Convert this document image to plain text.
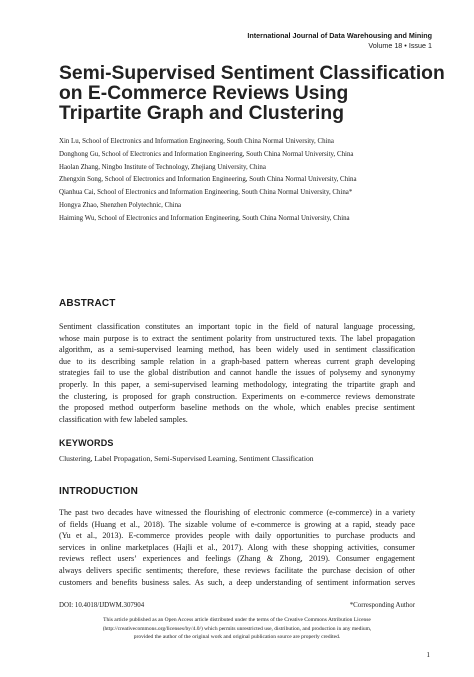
International Journal of Data Warehousing and Mining
Volume 18 • Issue 1
Semi-Supervised Sentiment Classification
on E-Commerce Reviews Using
Tripartite Graph and Clustering
Xin Lu, School of Electronics and Information Engineering, South China Normal University, China
Donghong Gu, School of Electronics and Information Engineering, South China Normal University, China
Haolan Zhang, Ningbo Institute of Technology, Zhejiang University, China
Zhengxin Song, School of Electronics and Information Engineering, South China Normal University, China
Qianhua Cai, School of Electronics and Information Engineering, South China Normal University, China*
Hongya Zhao, Shenzhen Polytechnic, China
Haiming Wu, School of Electronics and Information Engineering, South China Normal University, China
ABSTRACT
Sentiment classification constitutes an important topic in the field of natural language processing,
whose main purpose is to extract the sentiment polarity from unstructured texts. The label propagation
algorithm, as a semi-supervised learning method, has been widely used in sentiment classification
due to its describing sample relation in a graph-based pattern whereas current graph developing
strategies fail to use the global distribution and cannot handle the issues of polysemy and synonymy
properly. In this paper, a semi-supervised learning methodology, integrating the tripartite graph and
the clustering, is proposed for graph construction. Experiments on e-commerce reviews demonstrate
the proposed method outperform baseline methods on the whole, which enables precise sentiment
classification with few labeled samples.
KEYWORDS
Clustering, Label Propagation, Semi-Supervised Learning, Sentiment Classification
INTRODUCTION
The past two decades have witnessed the flourishing of electronic commerce (e-commerce) in a variety
of fields (Huang et al., 2018). The sizable volume of e-commerce is growing at a rapid, steady pace
(Yu et al., 2013). E-commerce provides people with daily opportunities to purchase products and
services in online marketplaces (Hajli et al., 2017). Along with these shopping activities, consumer
reviews reflect users’ experiences and feelings (Zhang & Zhong, 2019). Consumer engagement
always delivers specific sentiments; therefore, these reviews facilitate the purchase decision of other
customers and benefits business sales. As such, a deep understanding of sentiment information serves
DOI: 10.4018/IJDWM.307904	*Corresponding Author
This article published as an Open Access article distributed under the terms of the Creative Commons Attribution License
(http://creativecommons.org/licenses/by/4.0/) which permits unrestricted use, distribution, and production in any medium,
provided the author of the original work and original publication source are properly credited.
1
